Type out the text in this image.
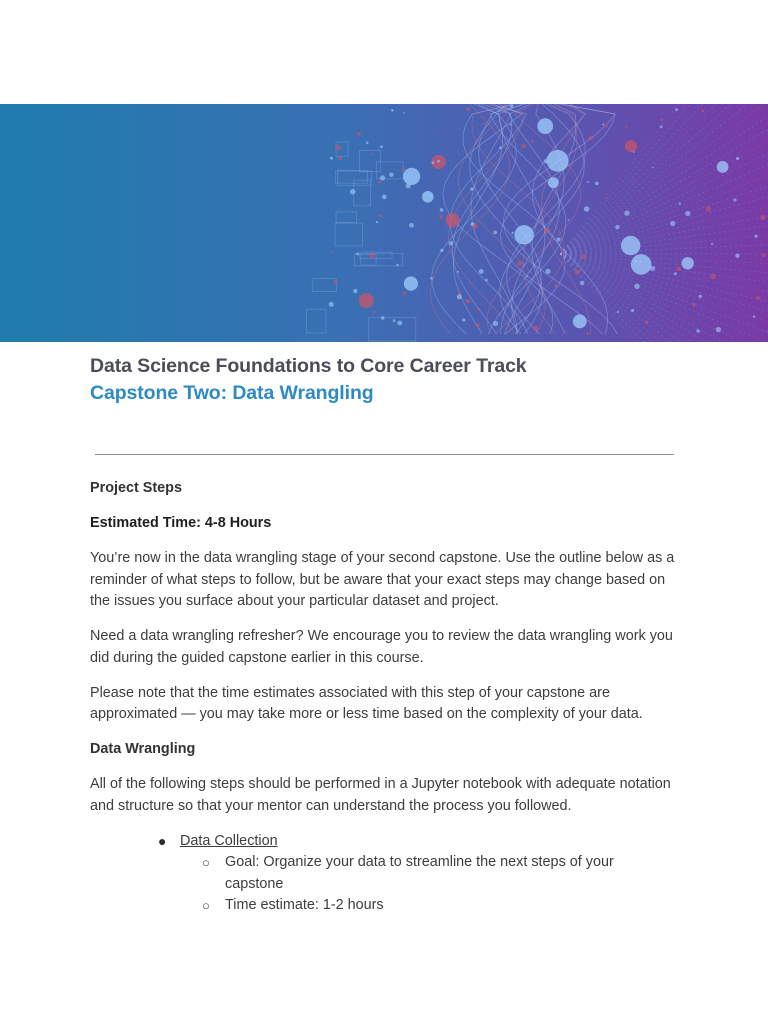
Data Science Foundations to Core Career Track
Capstone Two: Data Wrangling

Project Steps

Estimated Time: 4-8 Hours

You’re now in the data wrangling stage of your second capstone. Use the outline below as a reminder of what steps to follow, but be aware that your exact steps may change based on the issues you surface about your particular dataset and project.

Need a data wrangling refresher? We encourage you to review the data wrangling work you did during the guided capstone earlier in this course.

Please note that the time estimates associated with this step of your capstone are approximated — you may take more or less time based on the complexity of your data.

Data Wrangling

All of the following steps should be performed in a Jupyter notebook with adequate notation and structure so that your mentor can understand the process you followed.

● Data Collection
○ Goal: Organize your data to streamline the next steps of your capstone
○ Time estimate: 1-2 hours
